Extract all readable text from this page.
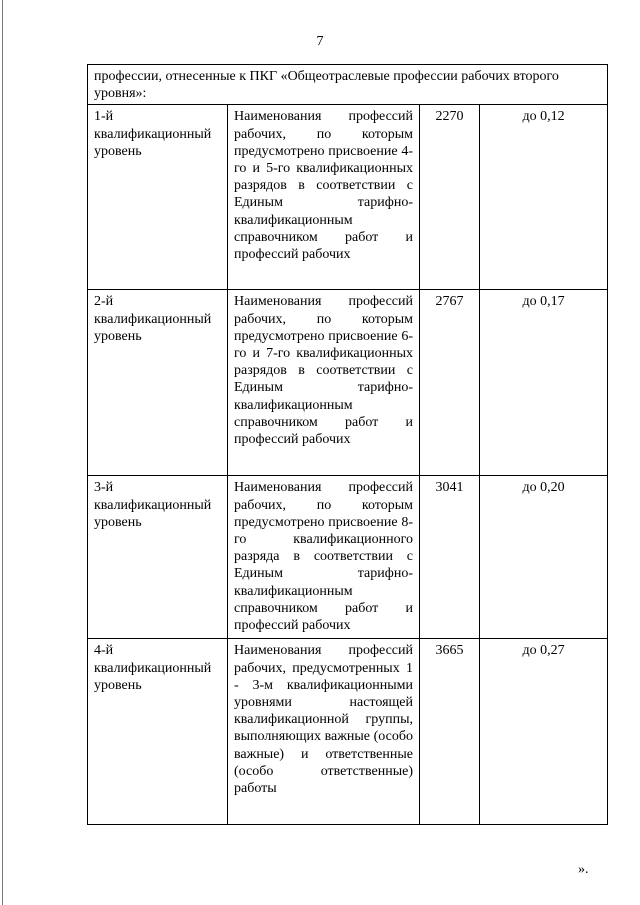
7
профессии, отнесенные к ПКГ «Общеотраслевые профессии рабочих второго уровня»:			
1-й квалификационный уровень	Наименования профессий рабочих, по которым предусмотрено присвоение 4-го и 5-го квалификационных разрядов в соответствии с Единым тарифно-квалификационным справочником работ и профессий рабочих	2270	до 0,12
2-й квалификационный уровень	Наименования профессий рабочих, по которым предусмотрено присвоение 6-го и 7-го квалификационных разрядов в соответствии с Единым тарифно-квалификационным справочником работ и профессий рабочих	2767	до 0,17
3-й квалификационный уровень	Наименования профессий рабочих, по которым предусмотрено присвоение 8-го квалификационного разряда в соответствии с Единым тарифно-квалификационным справочником работ и профессий рабочих	3041	до 0,20
4-й квалификационный уровень	Наименования профессий рабочих, предусмотренных 1 - 3-м квалификационными уровнями настоящей квалификационной группы, выполняющих важные (особо важные) и ответственные (особо ответственные) работы	3665	до 0,27
».
